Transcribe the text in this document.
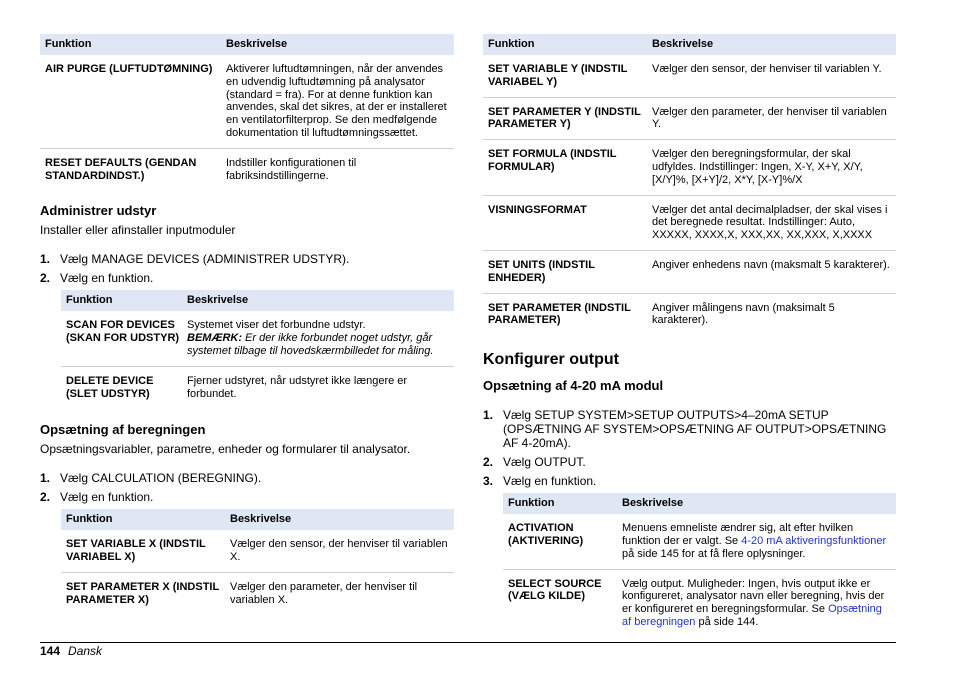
Funktion	Beskrivelse
AIR PURGE (LUFTUDTØMNING)	Aktiverer luftudtømningen, når der anvendes en udvendig luftudtømning på analysator (standard = fra). For at denne funktion kan anvendes, skal det sikres, at der er installeret en ventilatorfilterprop. Se den medfølgende dokumentation til luftudtømningssættet.
RESET DEFAULTS (GENDAN STANDARDINDST.)	Indstiller konfigurationen til fabriksindstillingerne.
Administrer udstyr

Installer eller afinstaller inputmoduler

1. Vælg MANAGE DEVICES (ADMINISTRER UDSTYR).
2. Vælg en funktion.
Funktion	Beskrivelse
SCAN FOR DEVICES (SKAN FOR UDSTYR)	Systemet viser det forbundne udstyr.
BEMÆRK: Er der ikke forbundet noget udstyr, går systemet tilbage til hovedskærmbilledet for måling.
DELETE DEVICE (SLET UDSTYR)	Fjerner udstyret, når udstyret ikke længere er forbundet.
Opsætning af beregningen

Opsætningsvariabler, parametre, enheder og formularer til analysator.

1. Vælg CALCULATION (BEREGNING).
2. Vælg en funktion.
Funktion	Beskrivelse
SET VARIABLE X (INDSTIL VARIABEL X)	Vælger den sensor, der henviser til variablen X.
SET PARAMETER X (INDSTIL PARAMETER X)	Vælger den parameter, der henviser til variablen X.
Funktion	Beskrivelse
SET VARIABLE Y (INDSTIL VARIABEL Y)	Vælger den sensor, der henviser til variablen Y.
SET PARAMETER Y (INDSTIL PARAMETER Y)	Vælger den parameter, der henviser til variablen Y.
SET FORMULA (INDSTIL FORMULAR)	Vælger den beregningsformular, der skal udfyldes. Indstillinger: Ingen, X-Y, X+Y, X/Y, [X/Y]%, [X+Y]/2, X*Y, [X-Y]%/X
VISNINGSFORMAT	Vælger det antal decimalpladser, der skal vises i det beregnede resultat. Indstillinger: Auto, XXXXX, XXXX,X, XXX,XX, XX,XXX, X,XXXX
SET UNITS (INDSTIL ENHEDER)	Angiver enhedens navn (maksmalt 5 karakterer).
SET PARAMETER (INDSTIL PARAMETER)	Angiver målingens navn (maksimalt 5 karakterer).
Konfigurer output
Opsætning af 4-20 mA modul
1. Vælg SETUP SYSTEM>SETUP OUTPUTS>4–20mA SETUP (OPSÆTNING AF SYSTEM>OPSÆTNING AF OUTPUT>OPSÆTNING AF 4-20mA).
2. Vælg OUTPUT.
3. Vælg en funktion.
Funktion	Beskrivelse
ACTIVATION (AKTIVERING)	Menuens emneliste ændrer sig, alt efter hvilken funktion der er valgt. Se 4-20 mA aktiveringsfunktioner på side 145 for at få flere oplysninger.
SELECT SOURCE (VÆLG KILDE)	Vælg output. Muligheder: Ingen, hvis output ikke er konfigureret, analysator navn eller beregning, hvis der er konfigureret en beregningsformular. Se Opsætning af beregningen på side 144.
144 Dansk
